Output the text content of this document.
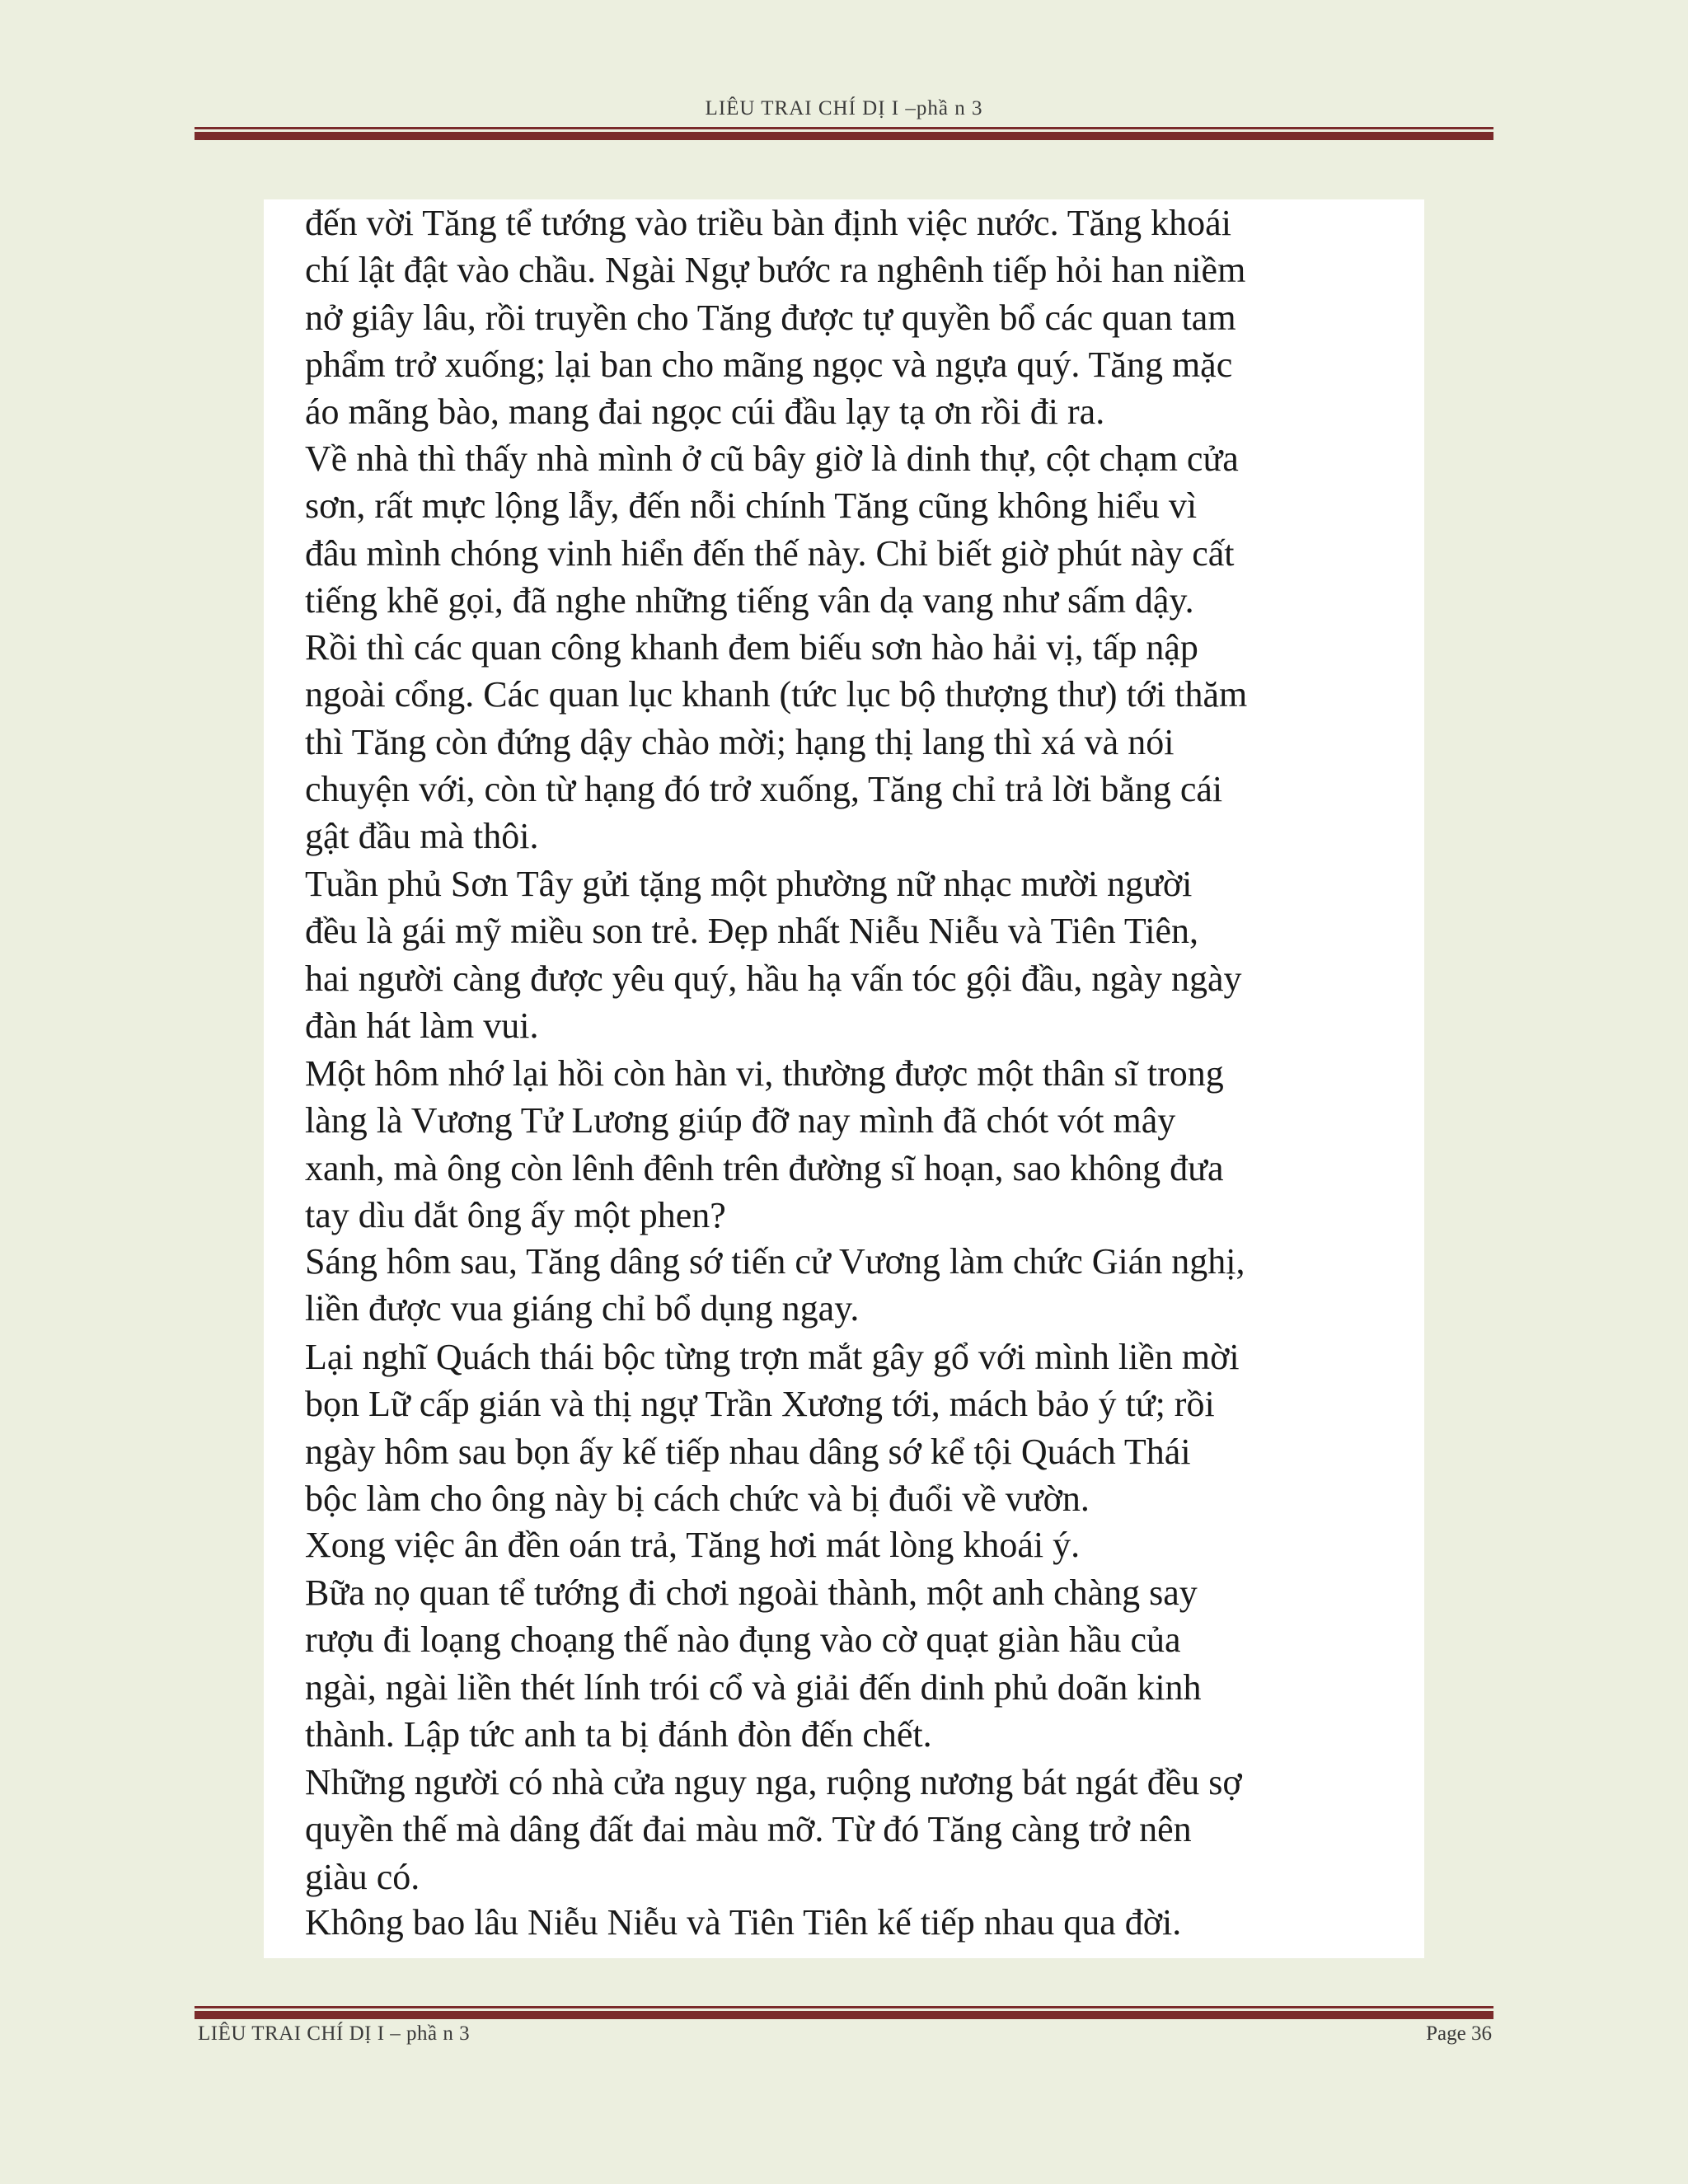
LIÊU TRAI CHÍ DỊ I –phầ n 3

đến vời Tăng tể tướng vào triều bàn định việc nước. Tăng khoái
chí lật đật vào chầu. Ngài Ngự bước ra nghênh tiếp hỏi han niềm
nở giây lâu, rồi truyền cho Tăng được tự quyền bổ các quan tam
phẩm trở xuống; lại ban cho mãng ngọc và ngựa quý. Tăng mặc
áo mãng bào, mang đai ngọc cúi đầu lạy tạ ơn rồi đi ra.

Về nhà thì thấy nhà mình ở cũ bây giờ là dinh thự, cột chạm cửa
sơn, rất mực lộng lẫy, đến nỗi chính Tăng cũng không hiểu vì
đâu mình chóng vinh hiển đến thế này. Chỉ biết giờ phút này cất
tiếng khẽ gọi, đã nghe những tiếng vân dạ vang như sấm dậy.
Rồi thì các quan công khanh đem biếu sơn hào hải vị, tấp nập
ngoài cổng. Các quan lục khanh (tức lục bộ thượng thư) tới thăm
thì Tăng còn đứng dậy chào mời; hạng thị lang thì xá và nói
chuyện với, còn từ hạng đó trở xuống, Tăng chỉ trả lời bằng cái
gật đầu mà thôi.

Tuần phủ Sơn Tây gửi tặng một phường nữ nhạc mười người
đều là gái mỹ miều son trẻ. Đẹp nhất Niễu Niễu và Tiên Tiên,
hai người càng được yêu quý, hầu hạ vấn tóc gội đầu, ngày ngày
đàn hát làm vui.

Một hôm nhớ lại hồi còn hàn vi, thường được một thân sĩ trong
làng là Vương Tử Lương giúp đỡ nay mình đã chót vót mây
xanh, mà ông còn lênh đênh trên đường sĩ hoạn, sao không đưa
tay dìu dắt ông ấy một phen?

Sáng hôm sau, Tăng dâng sớ tiến cử Vương làm chức Gián nghị,
liền được vua giáng chỉ bổ dụng ngay.

Lại nghĩ Quách thái bộc từng trợn mắt gây gổ với mình liền mời
bọn Lữ cấp gián và thị ngự Trần Xương tới, mách bảo ý tứ; rồi
ngày hôm sau bọn ấy kế tiếp nhau dâng sớ kể tội Quách Thái
bộc làm cho ông này bị cách chức và bị đuổi về vườn.

Xong việc ân đền oán trả, Tăng hơi mát lòng khoái ý.

Bữa nọ quan tể tướng đi chơi ngoài thành, một anh chàng say
rượu đi loạng choạng thế nào đụng vào cờ quạt giàn hầu của
ngài, ngài liền thét lính trói cổ và giải đến dinh phủ doãn kinh
thành. Lập tức anh ta bị đánh đòn đến chết.

Những người có nhà cửa nguy nga, ruộng nương bát ngát đều sợ
quyền thế mà dâng đất đai màu mỡ. Từ đó Tăng càng trở nên
giàu có.

Không bao lâu Niễu Niễu và Tiên Tiên kế tiếp nhau qua đời.

LIÊU TRAI CHÍ DỊ I – phầ n 3	Page 36
